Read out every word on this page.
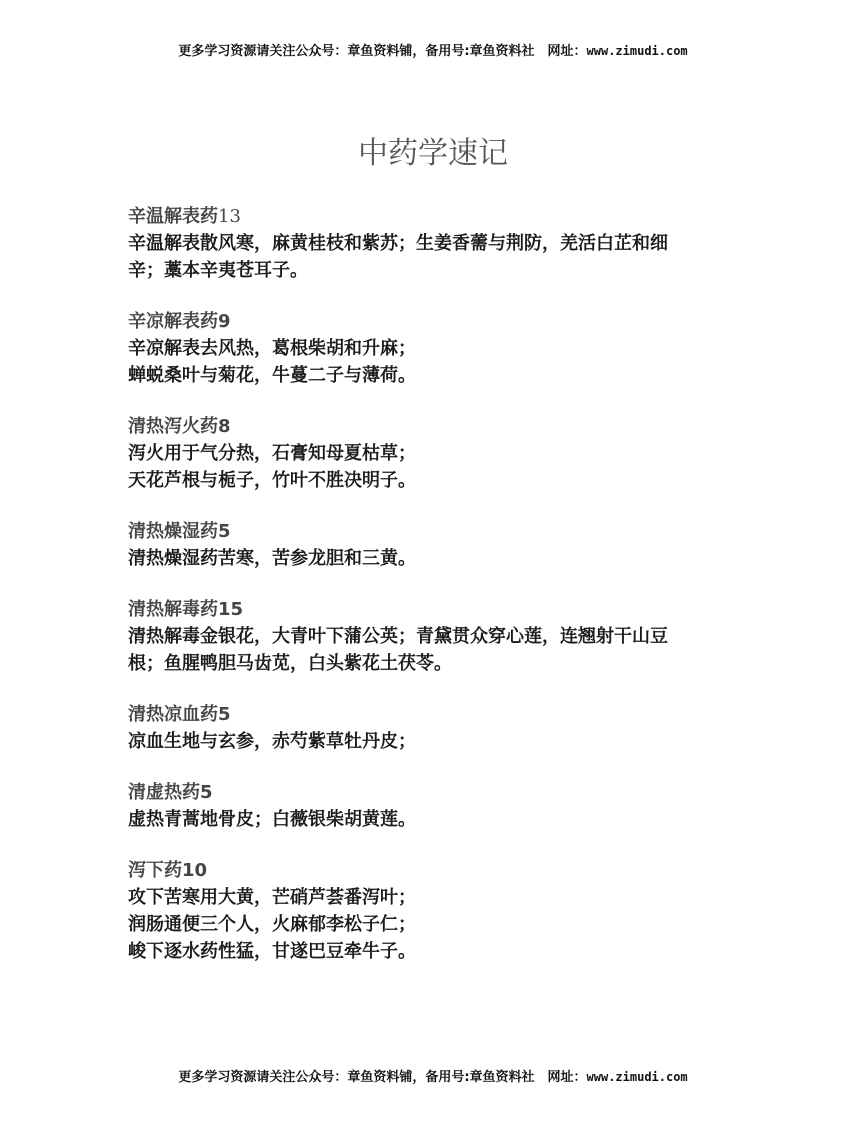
更多学习资源请关注公众号：章鱼资料铺，备用号:章鱼资料社　网址：www.zimudi.com
中药学速记
辛温解表药13
辛温解表散风寒，麻黄桂枝和紫苏；生姜香薷与荆防，羌活白芷和细
辛；藁本辛夷苍耳子。
辛凉解表药9
辛凉解表去风热，葛根柴胡和升麻；
蝉蜕桑叶与菊花，牛蔓二子与薄荷。
清热泻火药8
泻火用于气分热，石膏知母夏枯草；
天花芦根与栀子，竹叶不胜决明子。
清热燥湿药5
清热燥湿药苦寒，苦参龙胆和三黄。
清热解毒药15
清热解毒金银花，大青叶下蒲公英；青黛贯众穿心莲，连翘射干山豆
根；鱼腥鸭胆马齿苋，白头紫花土茯苓。
清热凉血药5
凉血生地与玄参，赤芍紫草牡丹皮；
清虚热药5
虚热青蒿地骨皮；白薇银柴胡黄莲。
泻下药10
攻下苦寒用大黄，芒硝芦荟番泻叶；
润肠通便三个人，火麻郁李松子仁；
峻下逐水药性猛，甘遂巴豆牵牛子。
更多学习资源请关注公众号：章鱼资料铺，备用号:章鱼资料社　网址：www.zimudi.com
